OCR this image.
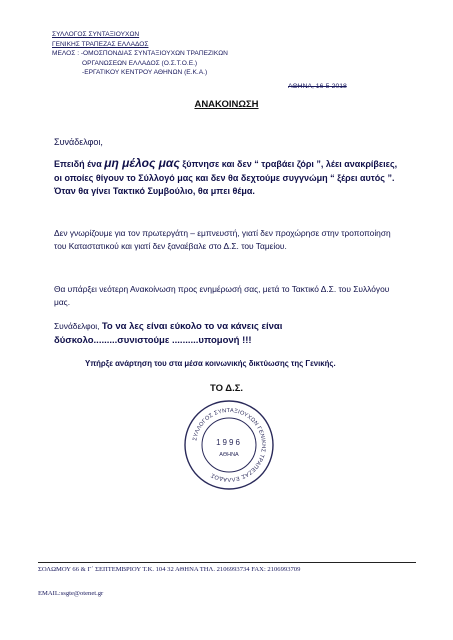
ΣΥΛΛΟΓΟΣ ΣΥΝΤΑΞΙΟΥΧΩΝ
ΓΕΝΙΚΗΣ ΤΡΑΠΕΖΑΣ ΕΛΛΑΔΟΣ
ΜΕΛΟΣ : -ΟΜΟΣΠΟΝΔΙΑΣ ΣΥΝΤΑΞΙΟΥΧΩΝ ΤΡΑΠΕΖΙΚΩΝ
ΟΡΓΑΝΩΣΕΩΝ ΕΛΛΑΔΟΣ (Ο.Σ.Τ.Ο.Ε.)
-ΕΡΓΑΤΙΚΟΥ ΚΕΝΤΡΟΥ ΑΘΗΝΩΝ (Ε.Κ.Α.)
ΑΘΗΝΑ, 16-5-2018
ΑΝΑΚΟΙΝΩΣΗ
Συνάδελφοι,
Επειδή ένα μη μέλος μας ξύπνησε και δεν “ τραβάει ζόρι ”, λέει ανακρίβειες, οι οποίες θίγουν το Σύλλογό μας και δεν θα δεχτούμε συγγνώμη “ ξέρει αυτός ”. Όταν θα γίνει Τακτικό Συμβούλιο, θα μπει θέμα.
Δεν γνωρίζουμε για τον πρωτεργάτη – εμπνευστή, γιατί δεν προχώρησε στην τροποποίηση του Καταστατικού και γιατί δεν ξαναέβαλε στο Δ.Σ. του Ταμείου.
Θα υπάρξει νεότερη Ανακοίνωση προς ενημέρωσή σας, μετά το Τακτικό Δ.Σ. του Συλλόγου μας.
Συνάδελφοι, Το να λες είναι εύκολο το να κάνεις είναι δύσκολο.........συνιστούμε ..........υπομονή !!!
Υπήρξε ανάρτηση του στα μέσα κοινωνικής δικτύωσης της Γενικής.
ΤΟ Δ.Σ.
ΣΥΛΛΟΓΟΣ ΣΥΝΤΑΞΙΟΥΧΩΝ ΓΕΝΙΚΗΣ ΤΡΑΠΕΖΑΣ ΕΛΛΑΔΟΣ
1996
ΑΘΗΝΑ
ΣΟΛΩΜΟΥ 66 & Γ΄ ΣΕΠΤΕΜΒΡΙΟΥ Τ.Κ. 104 32 ΑΘΗΝΑ ΤΗΛ. 2106993734 FAX: 2106993709
EMAIL:ssgte@otenet.gr
